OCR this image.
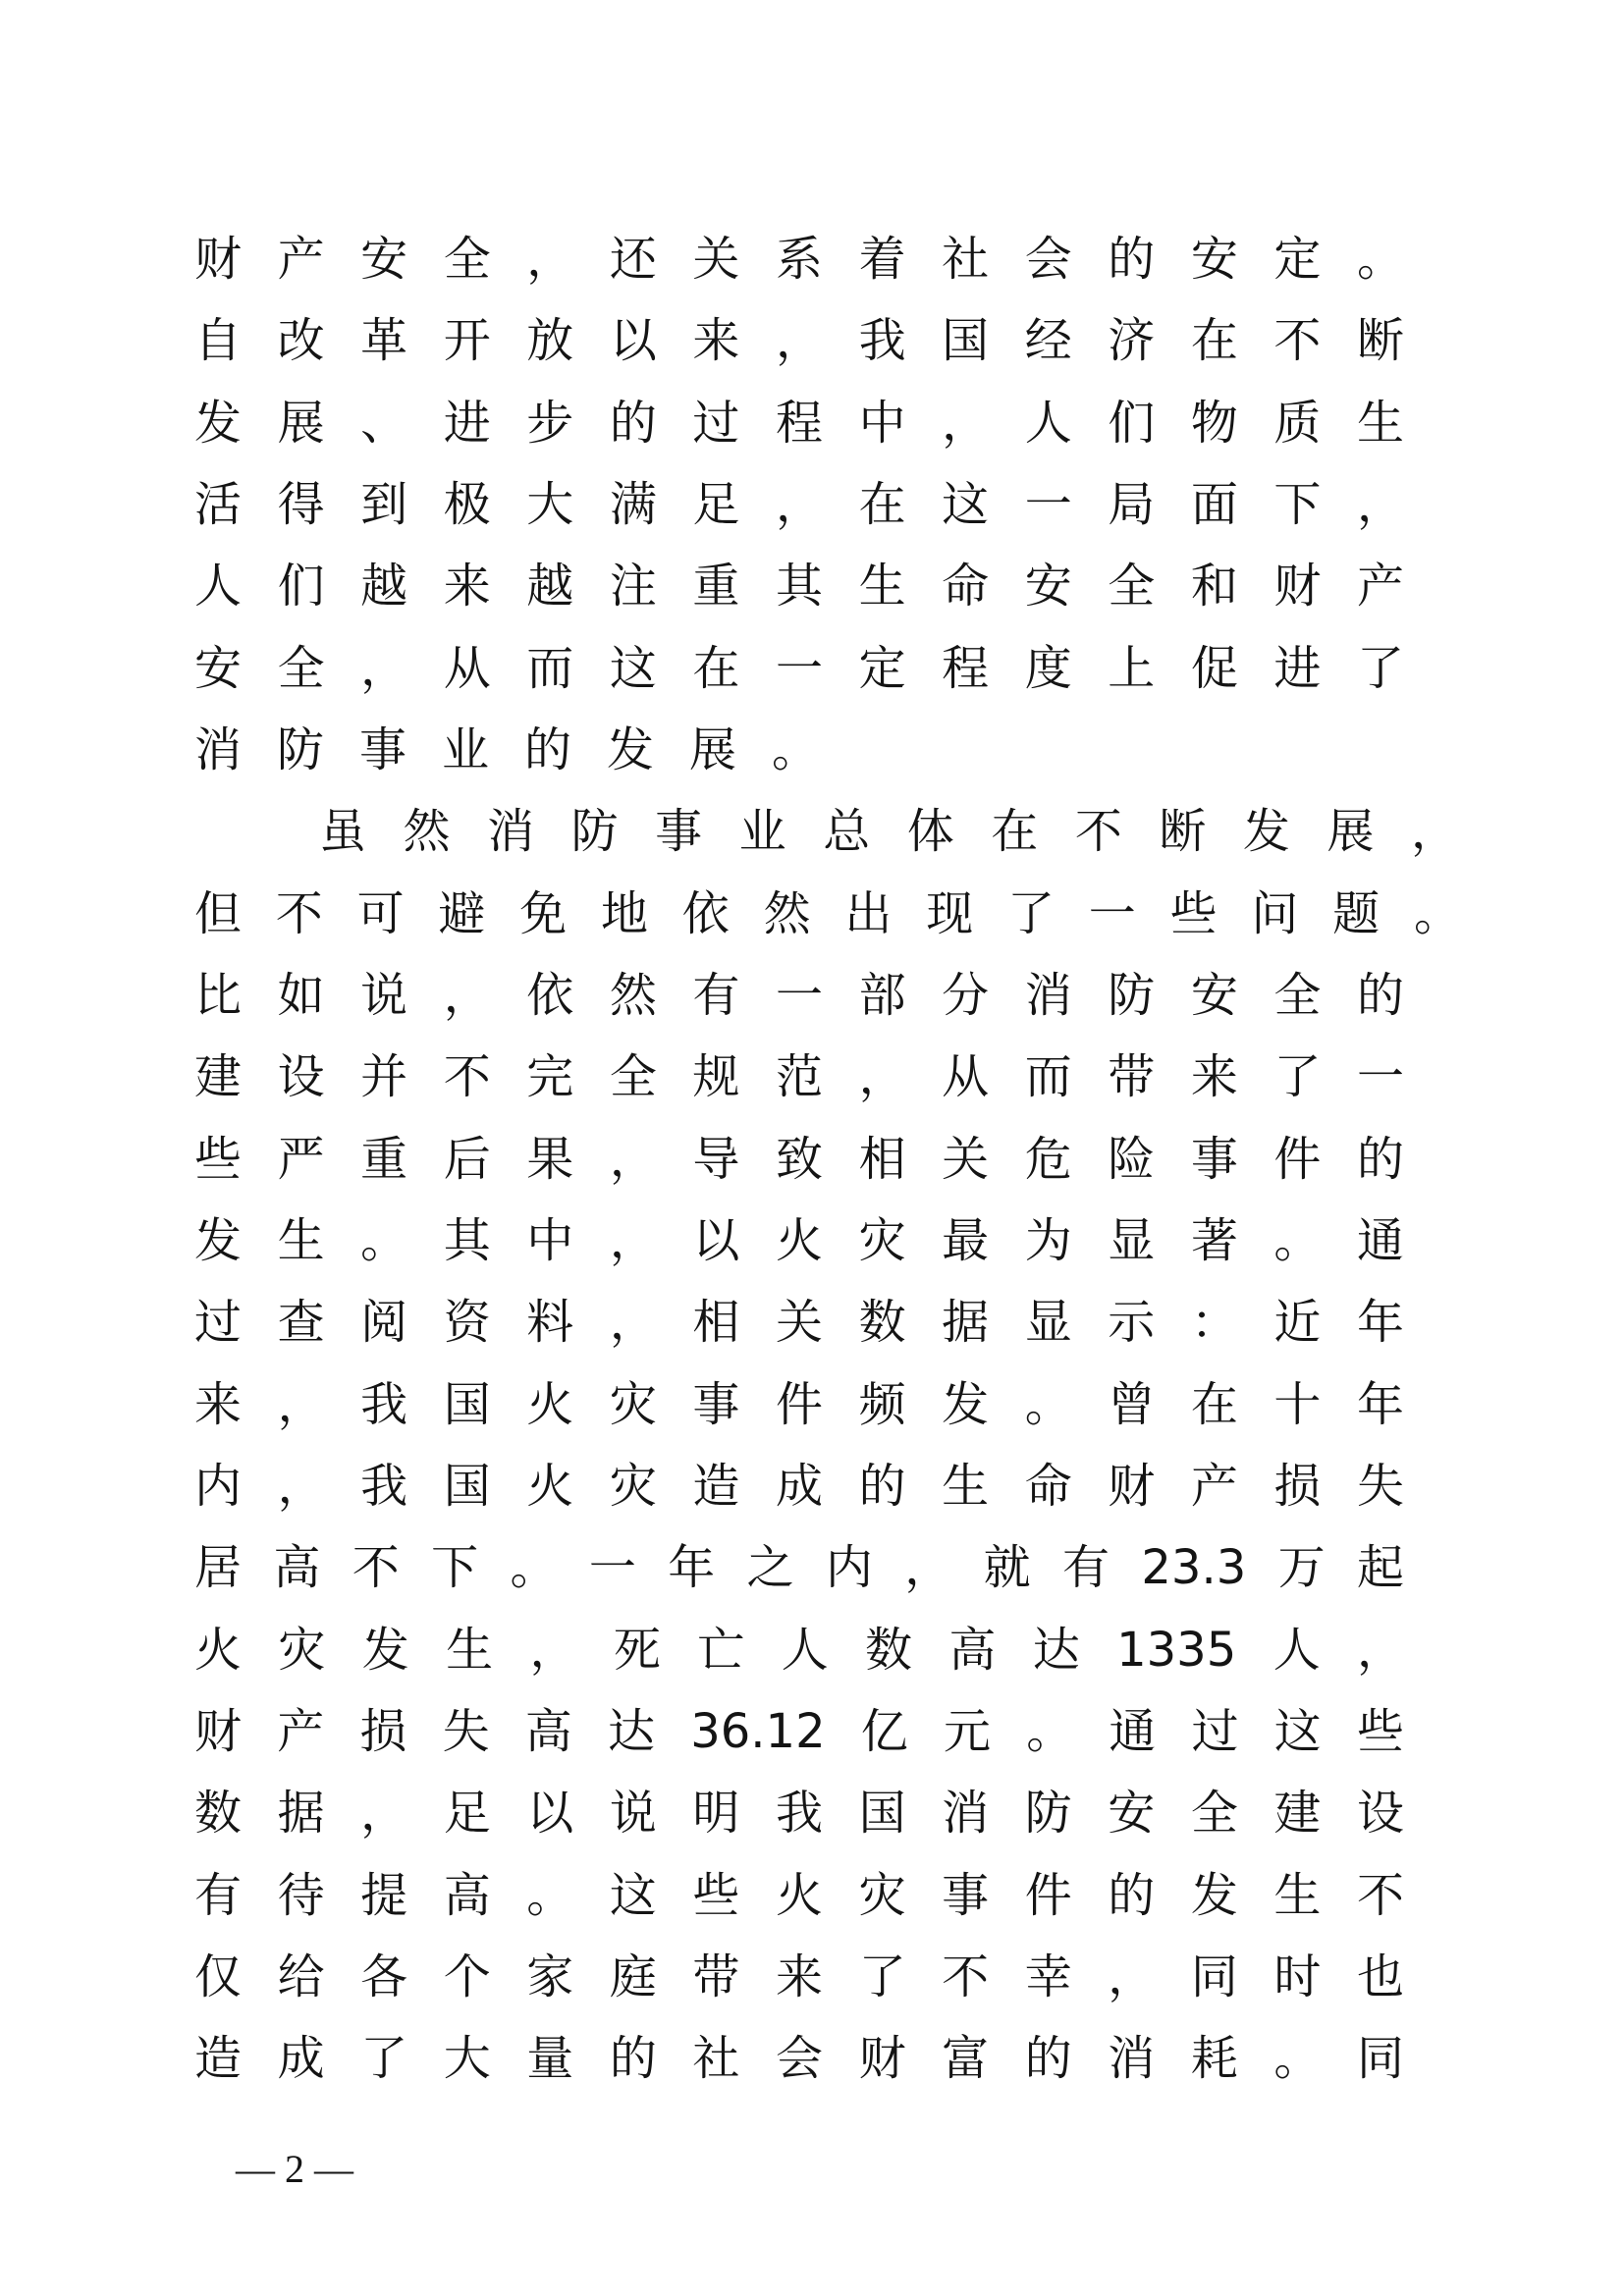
财产安全，还关系着社会的安定。
自改革开放以来，我国经济在不断
发展、进步的过程中，人们物质生
活得到极大满足，在这一局面下，
人们越来越注重其生命安全和财产
安全，从而这在一定程度上促进了
消防事业的发展。
虽然消防事业总体在不断发展，
但不可避免地依然出现了一些问题。
比如说，依然有一部分消防安全的
建设并不完全规范，从而带来了一
些严重后果，导致相关危险事件的
发生。其中，以火灾最为显著。通
过查阅资料，相关数据显示：近年
来，我国火灾事件频发。曾在十年
内，我国火灾造成的生命财产损失
居高不下。一年之内，就有23.3万起
火灾发生，死亡人数高达1335人，
财产损失高达36.12亿元。通过这些
数据，足以说明我国消防安全建设
有待提高。这些火灾事件的发生不
仅给各个家庭带来了不幸，同时也
造成了大量的社会财富的消耗。同
— 2 —
